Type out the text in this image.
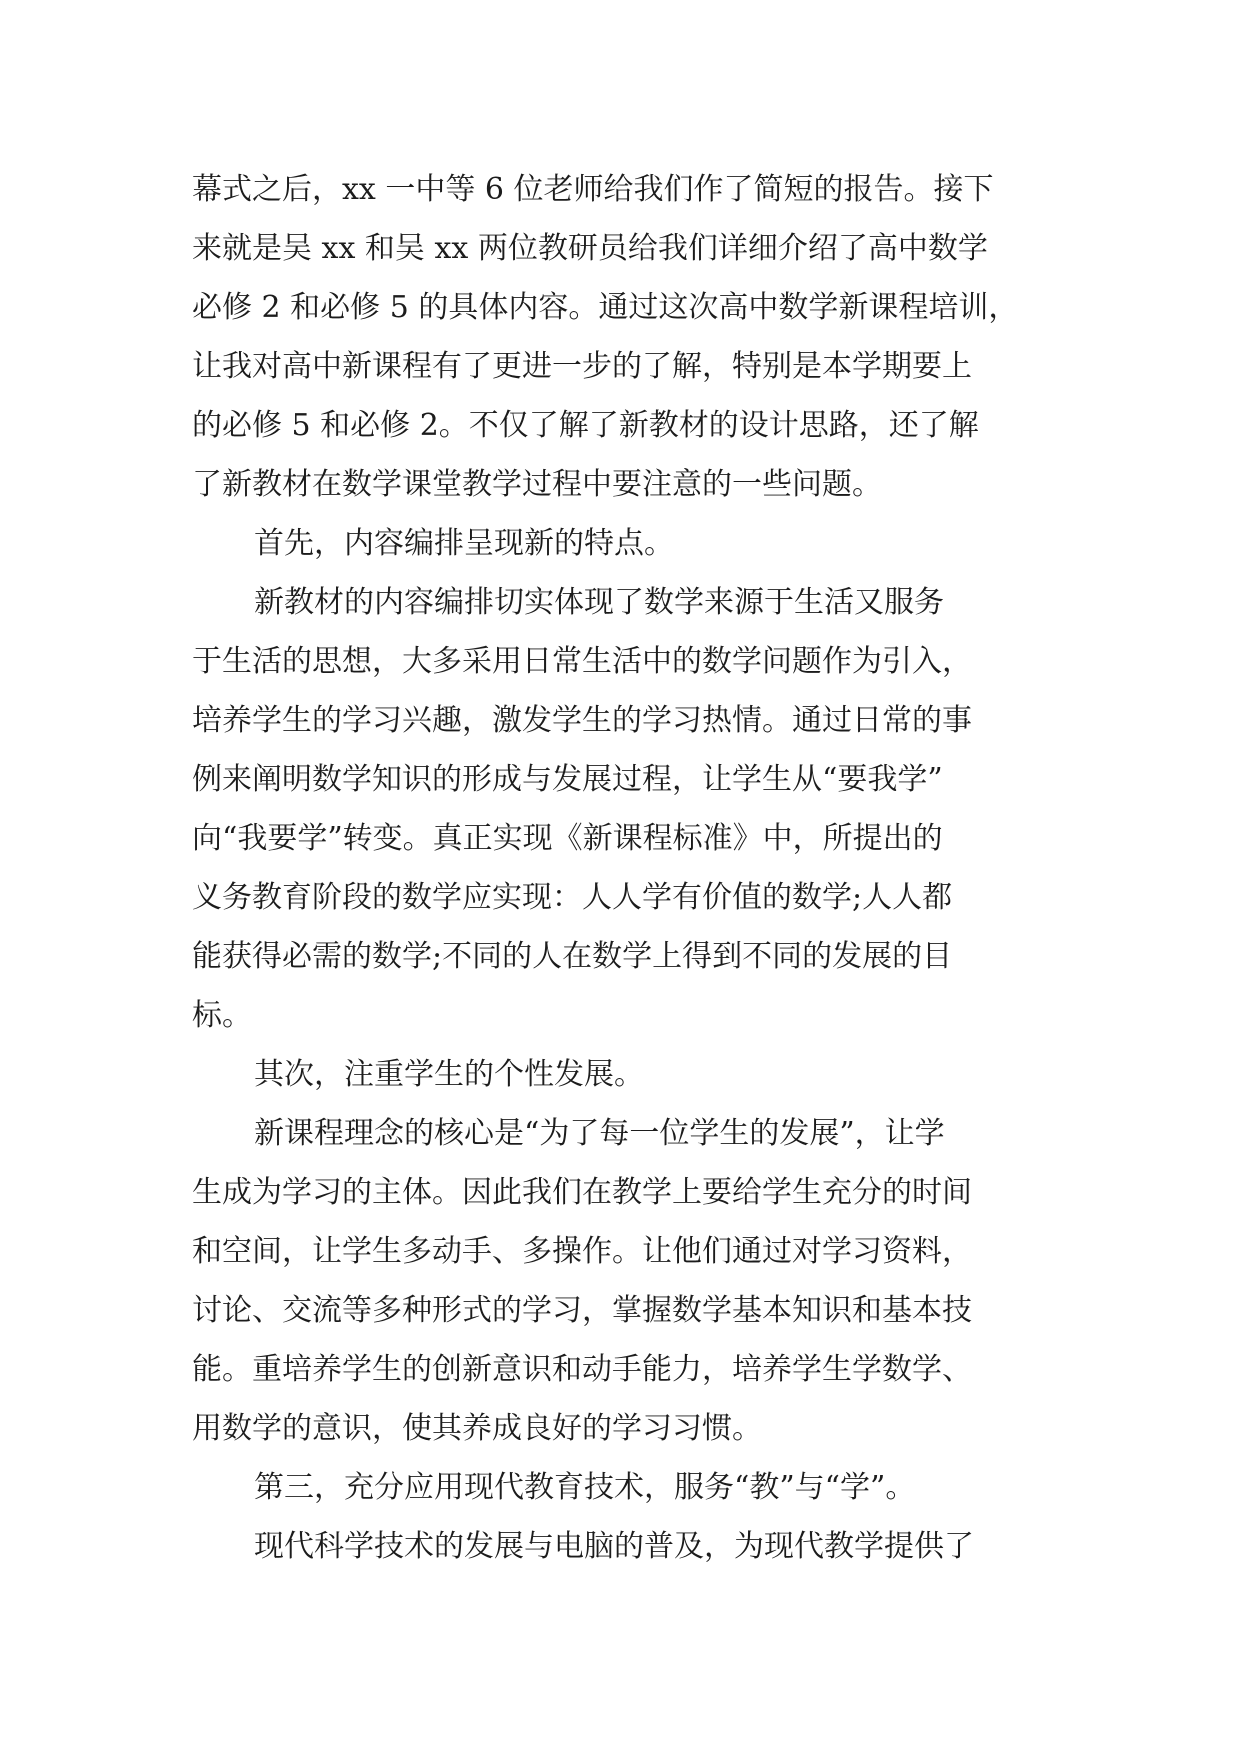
幕式之后，xx 一中等 6 位老师给我们作了简短的报告。接下
来就是吴 xx 和吴 xx 两位教研员给我们详细介绍了高中数学
必修 2 和必修 5 的具体内容。通过这次高中数学新课程培训，
让我对高中新课程有了更进一步的了解，特别是本学期要上
的必修 5 和必修 2。不仅了解了新教材的设计思路，还了解
了新教材在数学课堂教学过程中要注意的一些问题。
首先，内容编排呈现新的特点。
新教材的内容编排切实体现了数学来源于生活又服务
于生活的思想，大多采用日常生活中的数学问题作为引入，
培养学生的学习兴趣，激发学生的学习热情。通过日常的事
例来阐明数学知识的形成与发展过程，让学生从“要我学”
向“我要学”转变。真正实现《新课程标准》中，所提出的
义务教育阶段的数学应实现：人人学有价值的数学;人人都
能获得必需的数学;不同的人在数学上得到不同的发展的目
标。
其次，注重学生的个性发展。
新课程理念的核心是“为了每一位学生的发展”，让学
生成为学习的主体。因此我们在教学上要给学生充分的时间
和空间，让学生多动手、多操作。让他们通过对学习资料，
讨论、交流等多种形式的学习，掌握数学基本知识和基本技
能。重培养学生的创新意识和动手能力，培养学生学数学、
用数学的意识，使其养成良好的学习习惯。
第三，充分应用现代教育技术，服务“教”与“学”。
现代科学技术的发展与电脑的普及，为现代教学提供了
